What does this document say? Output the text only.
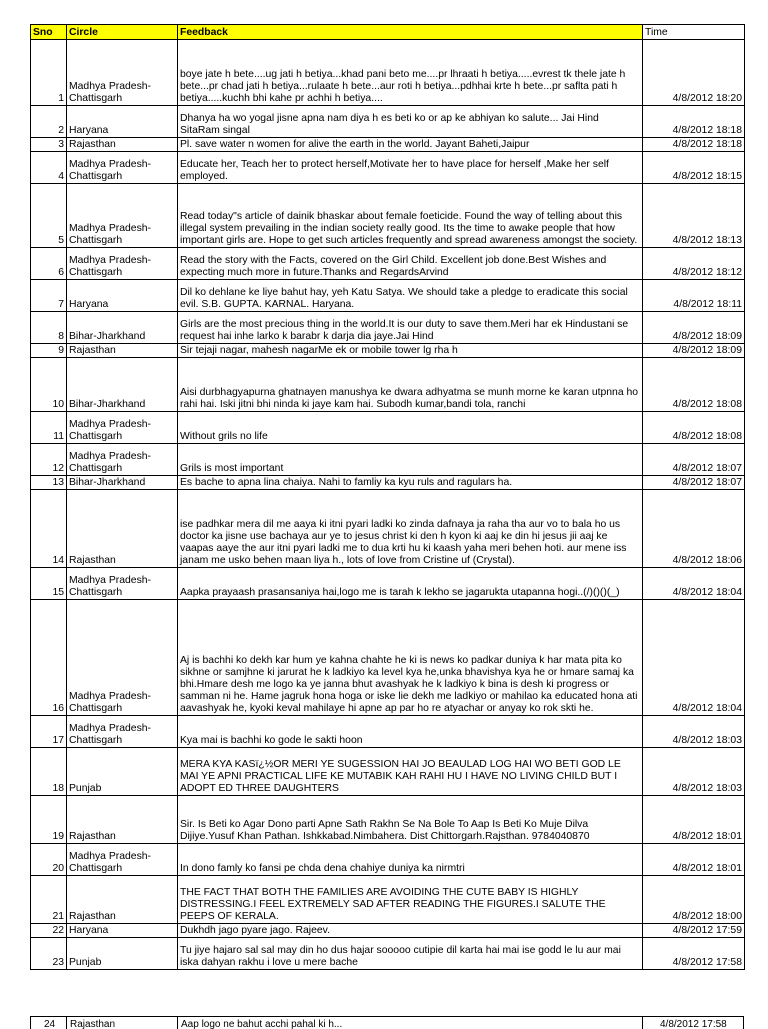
Sno	Circle	Feedback	Time
1	Madhya Pradesh-Chattisgarh	boye jate h bete....ug jati h betiya...khad pani beto me....pr lhraati h betiya.....evrest tk thele jate h bete...pr chad jati h betiya...rulaate h bete...aur roti h betiya...pdhhai krte h bete...pr saflta pati h betiya.....kuchh bhi kahe pr achhi h betiya....	4/8/2012 18:20
2	Haryana	Dhanya ha wo yogal jisne apna nam diya h es beti ko or ap ke abhiyan ko salute... Jai Hind SitaRam singal	4/8/2012 18:18
3	Rajasthan	Pl. save water n women for alive the earth in the world. Jayant Baheti,Jaipur	4/8/2012 18:18
4	Madhya Pradesh-Chattisgarh	Educate her, Teach her to protect herself,Motivate her to have place for herself ,Make her self employed.	4/8/2012 18:15
5	Madhya Pradesh-Chattisgarh	Read today"s article of dainik bhaskar about female foeticide. Found the way of telling about this illegal system prevailing in the indian society really good. Its the time to awake people that how important girls are. Hope to get such articles frequently and spread awareness amongst the society.	4/8/2012 18:13
6	Madhya Pradesh-Chattisgarh	Read the story with the Facts, covered on the Girl Child. Excellent job done.Best Wishes and expecting much more in future.Thanks and RegardsArvind	4/8/2012 18:12
7	Haryana	Dil ko dehlane ke liye bahut hay, yeh Katu Satya. We should take a pledge to eradicate this social evil. S.B. GUPTA. KARNAL. Haryana.	4/8/2012 18:11
8	Bihar-Jharkhand	Girls are the most precious thing in the world.It is our duty to save them.Meri har ek Hindustani se request hai inhe larko k barabr k darja dia jaye.Jai Hind	4/8/2012 18:09
9	Rajasthan	Sir tejaji nagar, mahesh nagarMe ek or mobile tower lg rha h	4/8/2012 18:09
10	Bihar-Jharkhand	Aisi durbhagyapurna ghatnayen manushya ke dwara adhyatma se munh morne ke karan utpnna ho rahi hai. Iski jitni bhi ninda ki jaye kam hai. Subodh kumar,bandi tola, ranchi	4/8/2012 18:08
11	Madhya Pradesh-Chattisgarh	Without grils no life	4/8/2012 18:08
12	Madhya Pradesh-Chattisgarh	Grils is most important	4/8/2012 18:07
13	Bihar-Jharkhand	Es bache to apna lina chaiya. Nahi to famliy ka kyu ruls and ragulars ha.	4/8/2012 18:07
14	Rajasthan	ise padhkar mera dil me aaya ki itni pyari ladki ko zinda dafnaya ja raha tha aur vo to bala ho us doctor ka jisne use bachaya aur ye to jesus christ ki den h kyon ki aaj ke din hi jesus jii aaj ke vaapas aaye the aur itni pyari ladki me to dua krti hu ki kaash yaha meri behen hoti. aur mene iss janam me usko behen maan liya h., lots of love from Cristine uf (Crystal).	4/8/2012 18:06
15	Madhya Pradesh-Chattisgarh	Aapka prayaash prasansaniya hai,logo me is tarah k lekho se jagarukta utapanna hogi..(/)()()(_)	4/8/2012 18:04
16	Madhya Pradesh-Chattisgarh	Aj is bachhi ko dekh kar hum ye kahna chahte he ki is news ko padkar duniya k har mata pita ko sikhne or samjhne ki jarurat he k ladkiyo ka level kya he,unka bhavishya kya he or hmare samaj ka bhi.Hmare desh me logo ka ye janna bhut avashyak he k ladkiyo k bina is desh ki progress or samman ni he. Hame jagruk hona hoga or iske lie dekh me ladkiyo or mahilao ka educated hona ati aavashyak he, kyoki keval mahilaye hi apne ap par ho re atyachar or anyay ko rok skti he.	4/8/2012 18:04
17	Madhya Pradesh-Chattisgarh	Kya mai is bachhi ko gode le sakti hoon	4/8/2012 18:03
18	Punjab	MERA KYA KASï¿½OR MERI YE SUGESSION HAI JO BEAULAD LOG HAI WO BETI GOD LE MAI YE APNI PRACTICAL LIFE KE MUTABIK KAH RAHI HU I HAVE NO LIVING CHILD BUT I ADOPT ED THREE DAUGHTERS	4/8/2012 18:03
19	Rajasthan	Sir. Is Beti ko Agar Dono parti Apne Sath Rakhn Se Na Bole To Aap Is Beti Ko Muje Dilva Dijiye.Yusuf Khan Pathan. Ishkkabad.Nimbahera. Dist Chittorgarh.Rajsthan. 9784040870	4/8/2012 18:01
20	Madhya Pradesh-Chattisgarh	In dono famly ko fansi pe chda dena chahiye duniya ka nirmtri	4/8/2012 18:01
21	Rajasthan	THE FACT THAT BOTH THE FAMILIES ARE AVOIDING THE CUTE BABY IS HIGHLY DISTRESSING.I FEEL EXTREMELY SAD AFTER READING THE FIGURES.I SALUTE THE PEEPS OF KERALA.	4/8/2012 18:00
22	Haryana	Dukhdh jago pyare jago. Rajeev.	4/8/2012 17:59
23	Punjab	Tu jiye hajaro sal sal may din ho dus hajar sooooo cutipie dil karta hai mai ise godd le lu aur mai iska dahyan rakhu i love u mere bache	4/8/2012 17:58
24 Rajasthan	Aap logo ne bahut acchi pahal ki h...	4/8/2012 17:58
